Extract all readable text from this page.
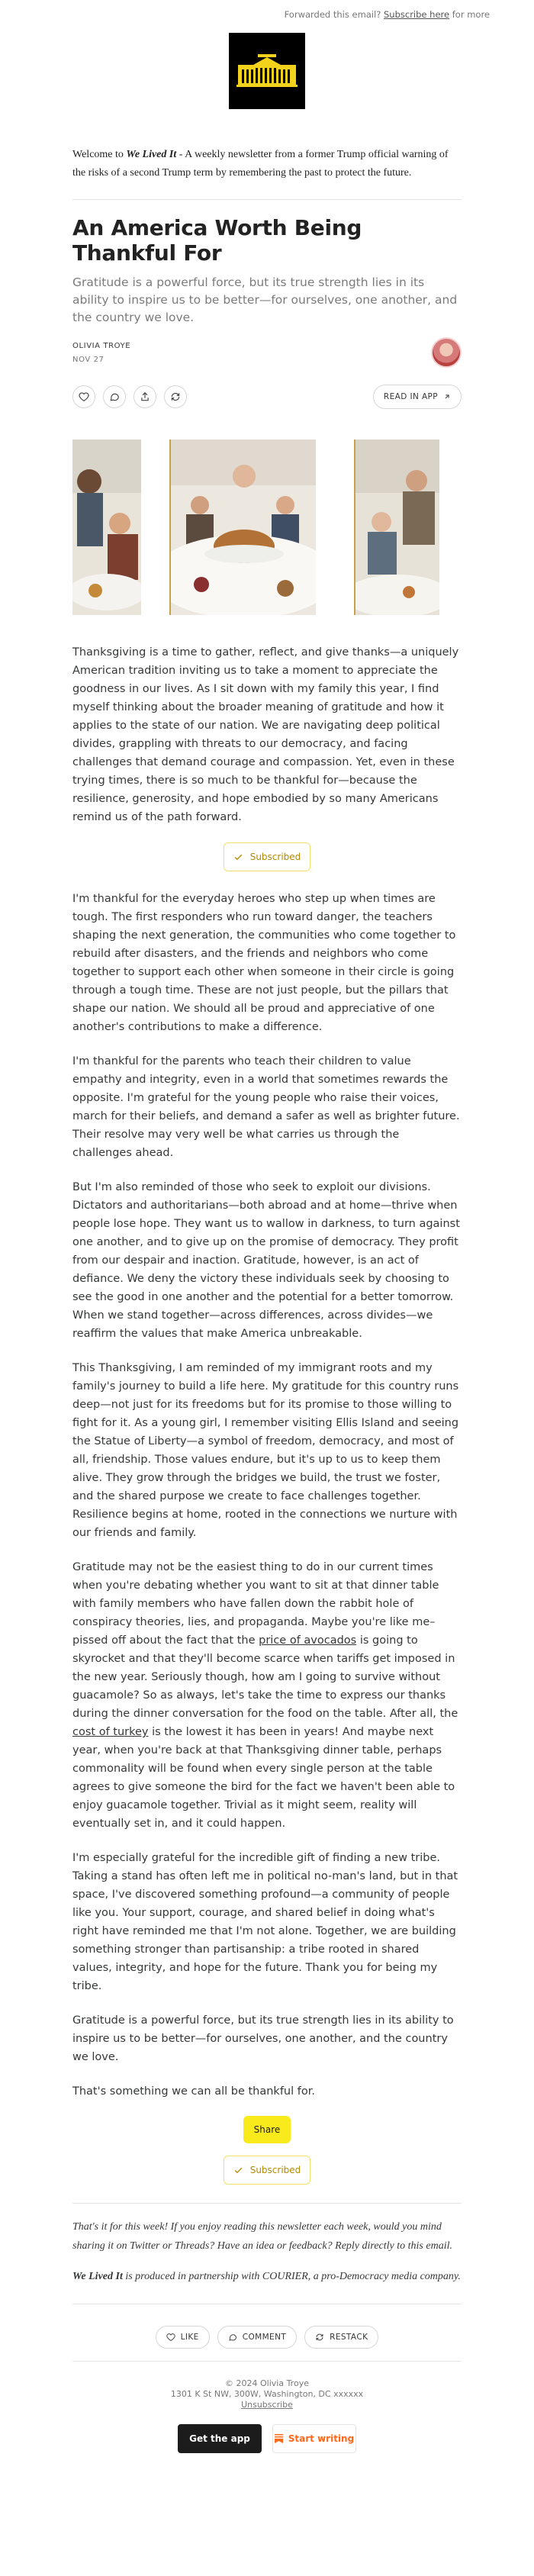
Forwarded this email? Subscribe here for more

Welcome to We Lived It - A weekly newsletter from a former Trump official warning of the risks of a second Trump term by remembering the past to protect the future.

An America Worth Being Thankful For

Gratitude is a powerful force, but its true strength lies in its ability to inspire us to be better—for ourselves, one another, and the country we love.

OLIVIA TROYE
NOV 27
READ IN APP

Thanksgiving is a time to gather, reflect, and give thanks—a uniquely American tradition inviting us to take a moment to appreciate the goodness in our lives. As I sit down with my family this year, I find myself thinking about the broader meaning of gratitude and how it applies to the state of our nation. We are navigating deep political divides, grappling with threats to our democracy, and facing challenges that demand courage and compassion. Yet, even in these trying times, there is so much to be thankful for—because the resilience, generosity, and hope embodied by so many Americans remind us of the path forward.

Subscribed

I'm thankful for the everyday heroes who step up when times are tough. The first responders who run toward danger, the teachers shaping the next generation, the communities who come together to rebuild after disasters, and the friends and neighbors who come together to support each other when someone in their circle is going through a tough time. These are not just people, but the pillars that shape our nation. We should all be proud and appreciative of one another's contributions to make a difference.

I'm thankful for the parents who teach their children to value empathy and integrity, even in a world that sometimes rewards the opposite. I'm grateful for the young people who raise their voices, march for their beliefs, and demand a safer as well as brighter future. Their resolve may very well be what carries us through the challenges ahead.

But I'm also reminded of those who seek to exploit our divisions. Dictators and authoritarians—both abroad and at home—thrive when people lose hope. They want us to wallow in darkness, to turn against one another, and to give up on the promise of democracy. They profit from our despair and inaction. Gratitude, however, is an act of defiance. We deny the victory these individuals seek by choosing to see the good in one another and the potential for a better tomorrow. When we stand together—across differences, across divides—we reaffirm the values that make America unbreakable.

This Thanksgiving, I am reminded of my immigrant roots and my family's journey to build a life here. My gratitude for this country runs deep—not just for its freedoms but for its promise to those willing to fight for it. As a young girl, I remember visiting Ellis Island and seeing the Statue of Liberty—a symbol of freedom, democracy, and most of all, friendship. Those values endure, but it's up to us to keep them alive. They grow through the bridges we build, the trust we foster, and the shared purpose we create to face challenges together. Resilience begins at home, rooted in the connections we nurture with our friends and family.

Gratitude may not be the easiest thing to do in our current times when you're debating whether you want to sit at that dinner table with family members who have fallen down the rabbit hole of conspiracy theories, lies, and propaganda. Maybe you're like me–pissed off about the fact that the price of avocados is going to skyrocket and that they'll become scarce when tariffs get imposed in the new year. Seriously though, how am I going to survive without guacamole? So as always, let's take the time to express our thanks during the dinner conversation for the food on the table. After all, the cost of turkey is the lowest it has been in years! And maybe next year, when you're back at that Thanksgiving dinner table, perhaps commonality will be found when every single person at the table agrees to give someone the bird for the fact we haven't been able to enjoy guacamole together. Trivial as it might seem, reality will eventually set in, and it could happen.

I'm especially grateful for the incredible gift of finding a new tribe. Taking a stand has often left me in political no-man's land, but in that space, I've discovered something profound—a community of people like you. Your support, courage, and shared belief in doing what's right have reminded me that I'm not alone. Together, we are building something stronger than partisanship: a tribe rooted in shared values, integrity, and hope for the future. Thank you for being my tribe.

Gratitude is a powerful force, but its true strength lies in its ability to inspire us to be better—for ourselves, one another, and the country we love.

That's something we can all be thankful for.

Share
Subscribed

That's it for this week! If you enjoy reading this newsletter each week, would you mind sharing it on Twitter or Threads? Have an idea or feedback? Reply directly to this email.

We Lived It is produced in partnership with COURIER, a pro-Democracy media company.

LIKE	COMMENT	RESTACK
© 2024 Olivia Troye
1301 K St NW, 300W, Washington, DC xxxxxx
Unsubscribe
Get the app	Start writing
